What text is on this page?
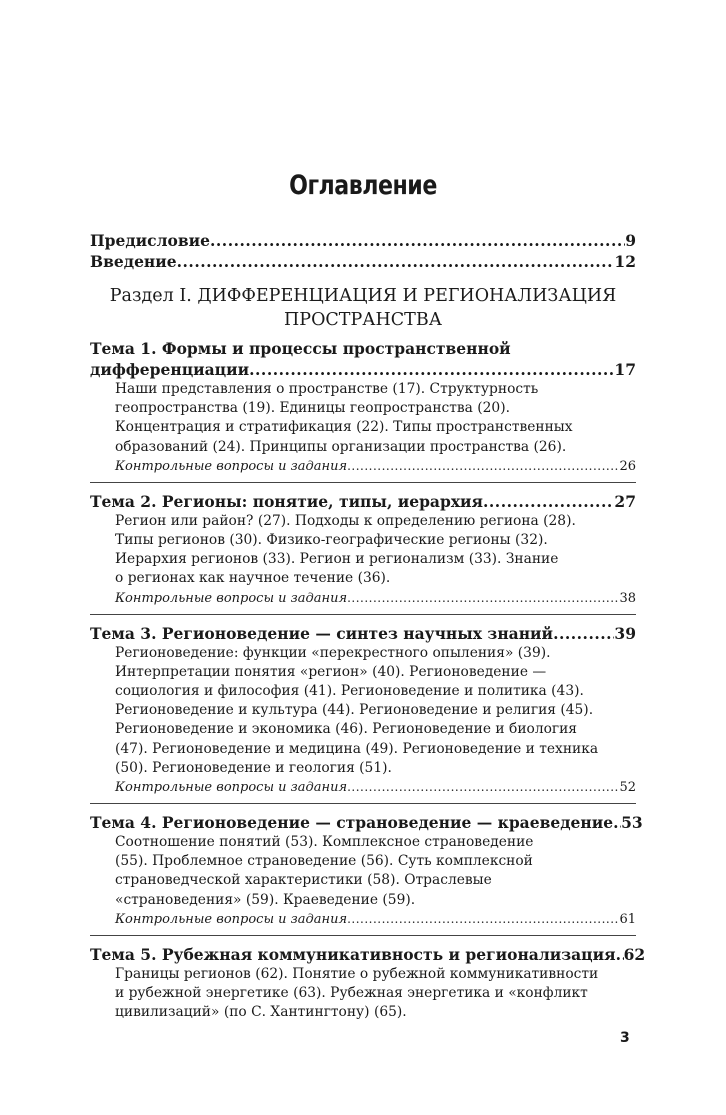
Оглавление
Предисловие .....	9
Введение .....	12
Раздел I. ДИФФЕРЕНЦИАЦИЯ И РЕГИОНАЛИЗАЦИЯ
ПРОСТРАНСТВА
Тема 1. Формы и процессы пространственной
дифференциации .....	17
Наши представления о пространстве (17). Структурность
геопространства (19). Единицы геопространства (20).
Концентрация и стратификация (22). Типы пространственных
образований (24). Принципы организации пространства (26).
Контрольные вопросы и задания .....	26
Тема 2. Регионы: понятие, типы, иерархия .....	27
Регион или район? (27). Подходы к определению региона (28).
Типы регионов (30). Физико-географические регионы (32).
Иерархия регионов (33). Регион и регионализм (33). Знание
о регионах как научное течение (36).
Контрольные вопросы и задания .....	38
Тема 3. Регионоведение — синтез научных знаний .....	39
Регионоведение: функции «перекрестного опыления» (39).
Интерпретации понятия «регион» (40). Регионоведение —
социология и философия (41). Регионоведение и политика (43).
Регионоведение и культура (44). Регионоведение и религия (45).
Регионоведение и экономика (46). Регионоведение и биология
(47). Регионоведение и медицина (49). Регионоведение и техника
(50). Регионоведение и геология (51).
Контрольные вопросы и задания .....	52
Тема 4. Регионоведение — страноведение — краеведение ..... 53
Соотношение понятий (53). Комплексное страноведение
(55). Проблемное страноведение (56). Суть комплексной
страноведческой характеристики (58). Отраслевые
«страноведения» (59). Краеведение (59).
Контрольные вопросы и задания .....	61
Тема 5. Рубежная коммуникативность и регионализация ..... 62
Границы регионов (62). Понятие о рубежной коммуникативности
и рубежной энергетике (63). Рубежная энергетика и «конфликт
цивилизаций» (по С. Хантингтону) (65).
3
